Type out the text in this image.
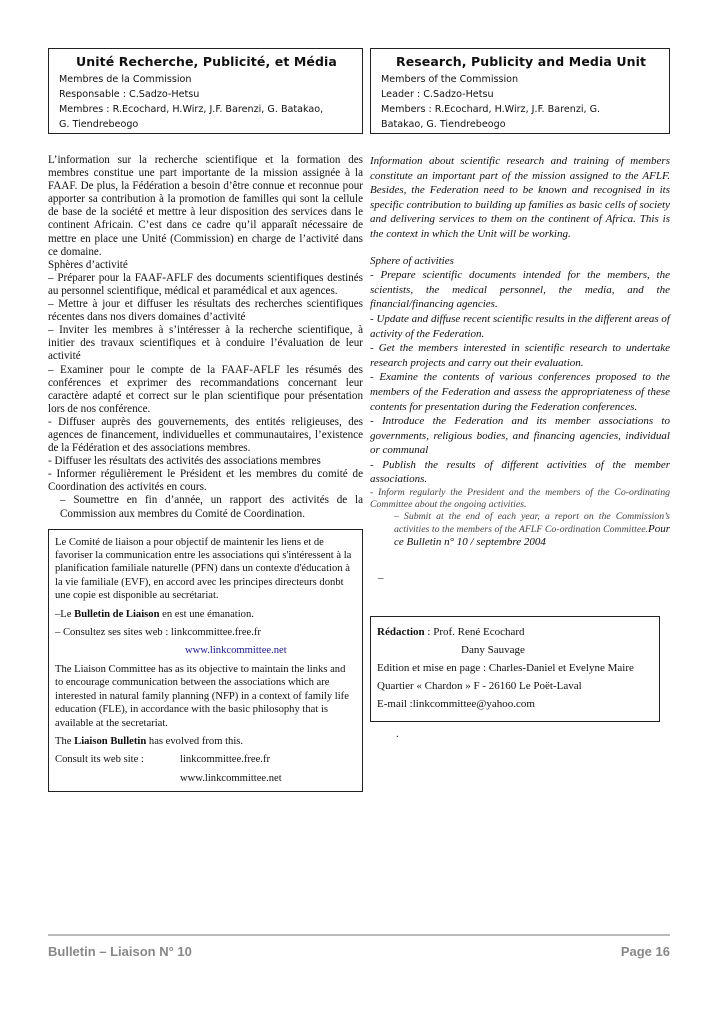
Unité Recherche, Publicité, et Média

Membres de la Commission

Responsable : C.Sadzo-Hetsu

Membres : R.Ecochard, H.Wirz, J.F. Barenzi, G. Batakao,

G. Tiendrebeogo

L’information sur la recherche scientifique et la formation des membres constitue une part importante de la mission assignée à la FAAF. De plus, la Fédération a besoin d’être connue et reconnue pour apporter sa contribution à la promotion de familles qui sont la cellule de base de la société et mettre à leur disposition des services dans le continent Africain. C’est dans ce cadre qu’il apparaît nécessaire de mettre en place une Unité (Commission) en charge de l’activité dans ce domaine.

Sphères d’activité

– Préparer pour la FAAF-AFLF des documents scientifiques destinés au personnel scientifique, médical et paramédical et aux agences.

– Mettre à jour et diffuser les résultats des recherches scientifiques récentes dans nos divers domaines d’activité

– Inviter les membres à s’intéresser à la recherche scientifique, à initier des travaux scientifiques et à conduire l’évaluation de leur activité

– Examiner pour le compte de la FAAF-AFLF les résumés des conférences et exprimer des recommandations concernant leur caractère adapté et correct sur le plan scientifique pour présentation lors de nos conférence.

- Diffuser auprès des gouvernements, des entités religieuses, des agences de financement, individuelles et communautaires, l’existence de la Fédération et des associations membres.

- Diffuser les résultats des activités des associations membres

- Informer régulièrement le Président et les membres du comité de Coordination des activités en cours.

– Soumettre en fin d’année, un rapport des activités de la Commission aux membres du Comité de Coordination.

Le Comité de liaison a pour objectif de maintenir les liens et de favoriser la communication entre les associations qui s'intéressent à la planification familiale naturelle (PFN) dans un contexte d'éducation à la vie familiale (EVF), en accord avec les principes directeurs donbt une copie est disponible au secrétariat.

–Le Bulletin de Liaison en est une émanation.

– Consultez ses sites web : linkcommittee.free.fr

www.linkcommittee.net

The Liaison Committee has as its objective to maintain the links and to encourage communication between the associations which are interested in natural family planning (NFP) in a context of family life education (FLE), in accordance with the basic philosophy that is available at the secretariat.

The Liaison Bulletin has evolved from this.

Consult its web site :	linkcommittee.free.fr
www.linkcommittee.net

Research, Publicity and Media Unit

Members of the Commission

Leader : C.Sadzo-Hetsu

Members : R.Ecochard, H.Wirz, J.F. Barenzi, G.

Batakao, G. Tiendrebeogo

Information about scientific research and training of members constitute an important part of the mission assigned to the AFLF. Besides, the Federation need to be known and recognised in its specific contribution to building up families as basic cells of society and delivering services to them on the continent of Africa. This is the context in which the Unit will be working.

Sphere of activities

- Prepare scientific documents intended for the members, the scientists, the medical personnel, the media, and the financial/financing agencies.

- Update and diffuse recent scientific results in the different areas of activity of the Federation.

- Get the members interested in scientific research to undertake research projects and carry out their evaluation.

- Examine the contents of various conferences proposed to the members of the Federation and assess the appropriateness of these contents for presentation during the Federation conferences.

- Introduce the Federation and its member associations to governments, religious bodies, and financing agencies, individual or communal

- Publish the results of different activities of the member associations.

- Inform regularly the President and the members of the Co-ordinating Committee about the ongoing activities.

– Submit at the end of each year, a report on the Commission’s activities to the members of the AFLF Co-ordination Committee.Pour ce Bulletin n° 10 / septembre 2004

–

Rédaction : Prof. René Ecochard

Dany Sauvage

Edition et mise en page : Charles-Daniel et Evelyne Maire

Quartier « Chardon » F - 26160 Le Poët-Laval

E-mail :linkcommittee@yahoo.com

.

Bulletin – Liaison N° 10	Page 16
